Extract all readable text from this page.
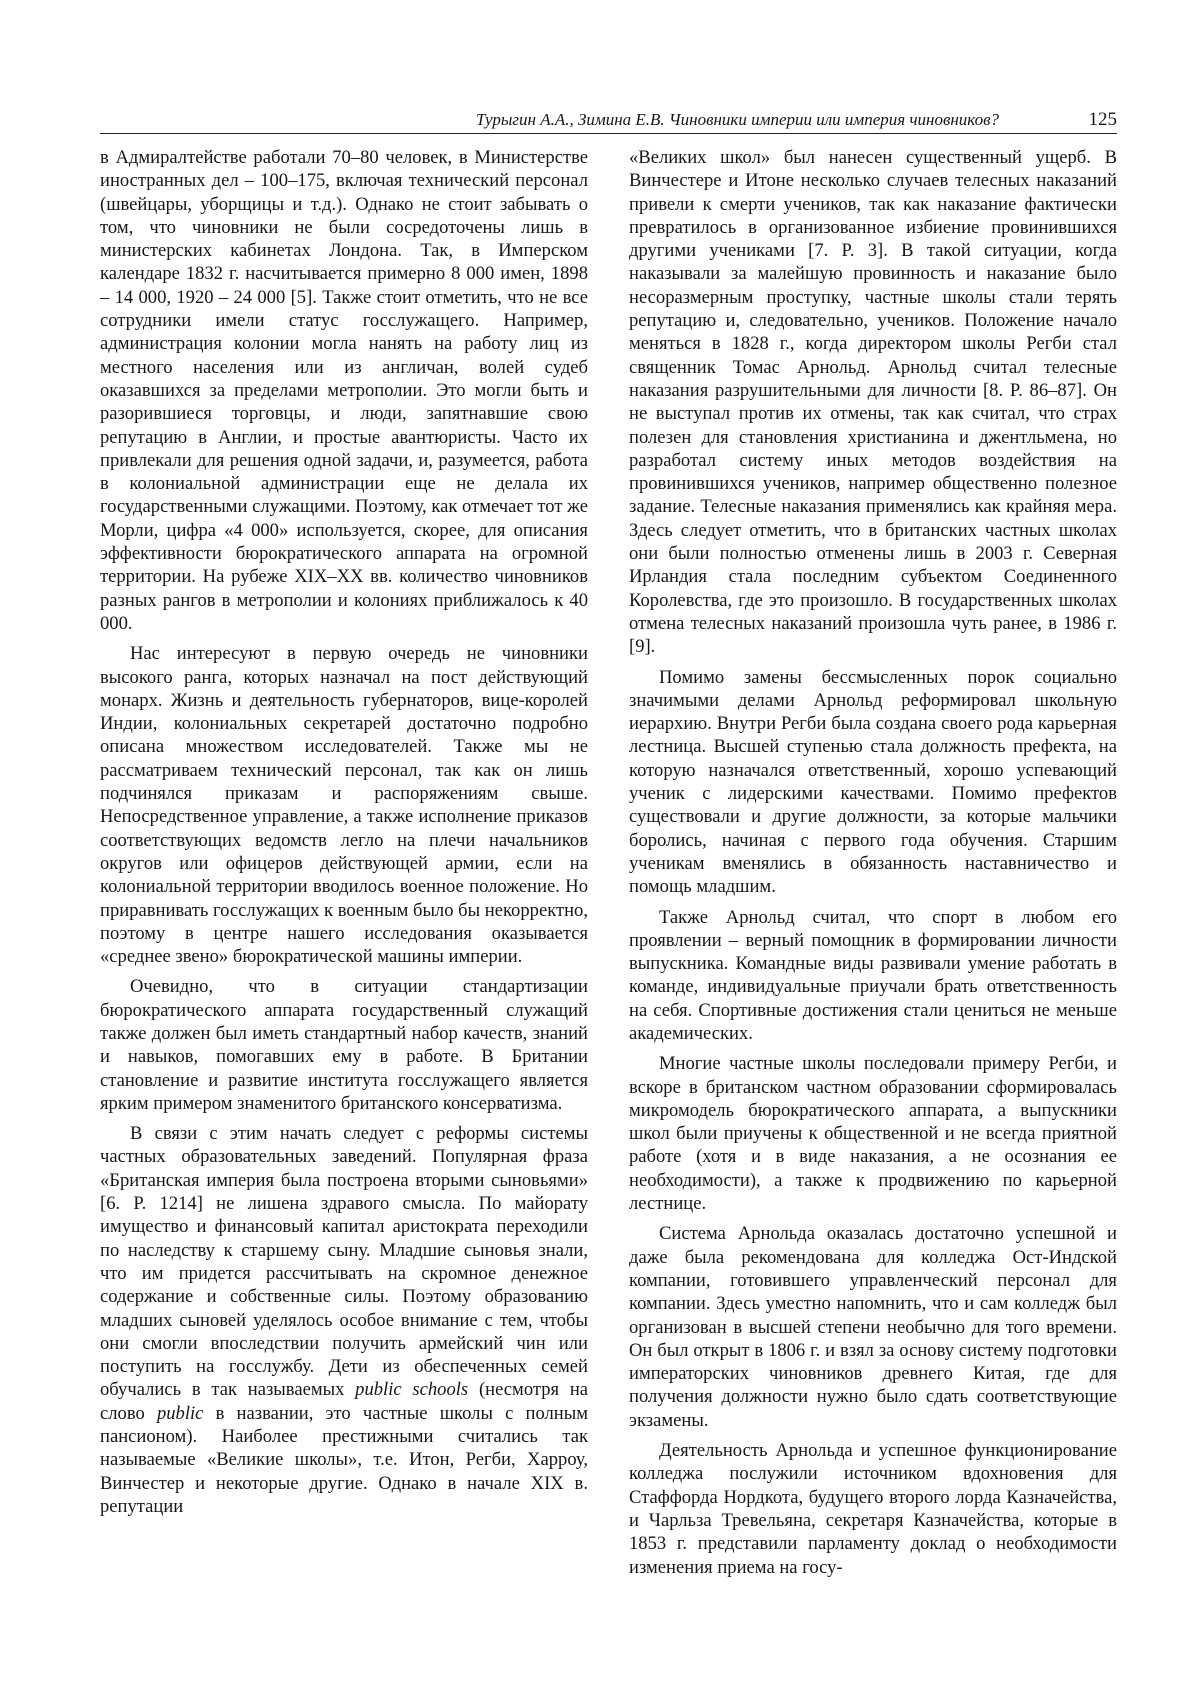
Турыгин А.А., Зимина Е.В. Чиновники империи или империя чиновников?	125

в Адмиралтействе работали 70–80 человек, в Министерстве иностранных дел – 100–175, включая технический персонал (швейцары, уборщицы и т.д.). Однако не стоит забывать о том, что чиновники не были сосредоточены лишь в министерских кабинетах Лондона. Так, в Имперском календаре 1832 г. насчитывается примерно 8 000 имен, 1898 – 14 000, 1920 – 24 000 [5]. Также стоит отметить, что не все сотрудники имели статус госслужащего. Например, администрация колонии могла нанять на работу лиц из местного населения или из англичан, волей судеб оказавшихся за пределами метрополии. Это могли быть и разорившиеся торговцы, и люди, запятнавшие свою репутацию в Англии, и простые авантюристы. Часто их привлекали для решения одной задачи, и, разумеется, работа в колониальной администрации еще не делала их государственными служащими. Поэтому, как отмечает тот же Морли, цифра «4 000» используется, скорее, для описания эффективности бюрократического аппарата на огромной территории. На рубеже XIX–XX вв. количество чиновников разных рангов в метрополии и колониях приближалось к 40 000.

Нас интересуют в первую очередь не чиновники высокого ранга, которых назначал на пост действующий монарх. Жизнь и деятельность губернаторов, вице-королей Индии, колониальных секретарей достаточно подробно описана множеством исследователей. Также мы не рассматриваем технический персонал, так как он лишь подчинялся приказам и распоряжениям свыше. Непосредственное управление, а также исполнение приказов соответствующих ведомств легло на плечи начальников округов или офицеров действующей армии, если на колониальной территории вводилось военное положение. Но приравнивать госслужащих к военным было бы некорректно, поэтому в центре нашего исследования оказывается «среднее звено» бюрократической машины империи.

Очевидно, что в ситуации стандартизации бюрократического аппарата государственный служащий также должен был иметь стандартный набор качеств, знаний и навыков, помогавших ему в работе. В Британии становление и развитие института госслужащего является ярким примером знаменитого британского консерватизма.

В связи с этим начать следует с реформы системы частных образовательных заведений. Популярная фраза «Британская империя была построена вторыми сыновьями» [6. P. 1214] не лишена здравого смысла. По майорату имущество и финансовый капитал аристократа переходили по наследству к старшему сыну. Младшие сыновья знали, что им придется рассчитывать на скромное денежное содержание и собственные силы. Поэтому образованию младших сыновей уделялось особое внимание с тем, чтобы они смогли впоследствии получить армейский чин или поступить на госслужбу. Дети из обеспеченных семей обучались в так называемых public schools (несмотря на слово public в названии, это частные школы с полным пансионом). Наиболее престижными считались так называемые «Великие школы», т.е. Итон, Регби, Харроу, Винчестер и некоторые другие. Однако в начале XIX в. репутации

«Великих школ» был нанесен существенный ущерб. В Винчестере и Итоне несколько случаев телесных наказаний привели к смерти учеников, так как наказание фактически превратилось в организованное избиение провинившихся другими учениками [7. P. 3]. В такой ситуации, когда наказывали за малейшую провинность и наказание было несоразмерным проступку, частные школы стали терять репутацию и, следовательно, учеников. Положение начало меняться в 1828 г., когда директором школы Регби стал священник Томас Арнольд. Арнольд считал телесные наказания разрушительными для личности [8. P. 86–87]. Он не выступал против их отмены, так как считал, что страх полезен для становления христианина и джентльмена, но разработал систему иных методов воздействия на провинившихся учеников, например общественно полезное задание. Телесные наказания применялись как крайняя мера. Здесь следует отметить, что в британских частных школах они были полностью отменены лишь в 2003 г. Северная Ирландия стала последним субъектом Соединенного Королевства, где это произошло. В государственных школах отмена телесных наказаний произошла чуть ранее, в 1986 г. [9].

Помимо замены бессмысленных порок социально значимыми делами Арнольд реформировал школьную иерархию. Внутри Регби была создана своего рода карьерная лестница. Высшей ступенью стала должность префекта, на которую назначался ответственный, хорошо успевающий ученик с лидерскими качествами. Помимо префектов существовали и другие должности, за которые мальчики боролись, начиная с первого года обучения. Старшим ученикам вменялись в обязанность наставничество и помощь младшим.

Также Арнольд считал, что спорт в любом его проявлении – верный помощник в формировании личности выпускника. Командные виды развивали умение работать в команде, индивидуальные приучали брать ответственность на себя. Спортивные достижения стали цениться не меньше академических.

Многие частные школы последовали примеру Регби, и вскоре в британском частном образовании сформировалась микромодель бюрократического аппарата, а выпускники школ были приучены к общественной и не всегда приятной работе (хотя и в виде наказания, а не осознания ее необходимости), а также к продвижению по карьерной лестнице.

Система Арнольда оказалась достаточно успешной и даже была рекомендована для колледжа Ост-Индской компании, готовившего управленческий персонал для компании. Здесь уместно напомнить, что и сам колледж был организован в высшей степени необычно для того времени. Он был открыт в 1806 г. и взял за основу систему подготовки императорских чиновников древнего Китая, где для получения должности нужно было сдать соответствующие экзамены.

Деятельность Арнольда и успешное функционирование колледжа послужили источником вдохновения для Стаффорда Нордкота, будущего второго лорда Казначейства, и Чарльза Тревельяна, секретаря Казначейства, которые в 1853 г. представили парламенту доклад о необходимости изменения приема на госу-
